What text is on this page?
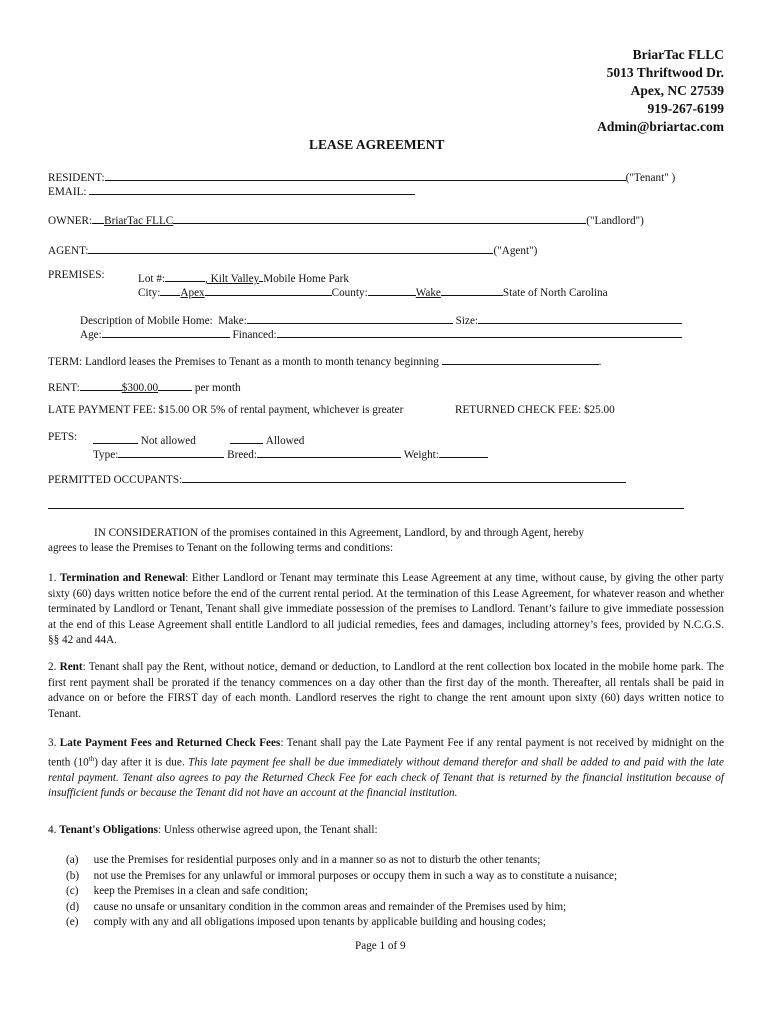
BriarTac FLLC
5013 Thriftwood Dr.
Apex, NC 27539
919-267-6199
Admin@briartac.com
LEASE AGREEMENT
RESIDENT:	("Tenant" )
EMAIL:
OWNER: BriarTac FLLC	("Landlord")
AGENT:	("Agent")
PREMISES:	Lot #:	, Kilt Valley Mobile Home Park
City: Apex	County:	Wake	State of North Carolina
Description of Mobile Home: Make:	Size:
Age:	Financed:
TERM: Landlord leases the Premises to Tenant as a month to month tenancy beginning	.
RENT:	$300.00	per month
LATE PAYMENT FEE: $15.00 OR 5% of rental payment, whichever is greater	RETURNED CHECK FEE: $25.00
PETS:	Not allowed	Allowed
Type:	Breed:	Weight:
PERMITTED OCCUPANTS:
IN CONSIDERATION of the promises contained in this Agreement, Landlord, by and through Agent, hereby
agrees to lease the Premises to Tenant on the following terms and conditions:
1. Termination and Renewal: Either Landlord or Tenant may terminate this Lease Agreement at any time, without cause, by giving the other party sixty (60) days written notice before the end of the current rental period. At the termination of this Lease Agreement, for whatever reason and whether terminated by Landlord or Tenant, Tenant shall give immediate possession of the premises to Landlord. Tenant’s failure to give immediate possession at the end of this Lease Agreement shall entitle Landlord to all judicial remedies, fees and damages, including attorney’s fees, provided by N.C.G.S. §§ 42 and 44A.
2. Rent: Tenant shall pay the Rent, without notice, demand or deduction, to Landlord at the rent collection box located in the mobile home park. The first rent payment shall be prorated if the tenancy commences on a day other than the first day of the month. Thereafter, all rentals shall be paid in advance on or before the FIRST day of each month. Landlord reserves the right to change the rent amount upon sixty (60) days written notice to Tenant.
3. Late Payment Fees and Returned Check Fees: Tenant shall pay the Late Payment Fee if any rental payment is not received by midnight on the tenth (10th) day after it is due. This late payment fee shall be due immediately without demand therefor and shall be added to and paid with the late rental payment. Tenant also agrees to pay the Returned Check Fee for each check of Tenant that is returned by the financial institution because of insufficient funds or because the Tenant did not have an account at the financial institution.
4. Tenant's Obligations: Unless otherwise agreed upon, the Tenant shall:
(a) use the Premises for residential purposes only and in a manner so as not to disturb the other tenants;
(b) not use the Premises for any unlawful or immoral purposes or occupy them in such a way as to constitute a nuisance;
(c) keep the Premises in a clean and safe condition;
(d) cause no unsafe or unsanitary condition in the common areas and remainder of the Premises used by him;
(e) comply with any and all obligations imposed upon tenants by applicable building and housing codes;
Page 1 of 9
